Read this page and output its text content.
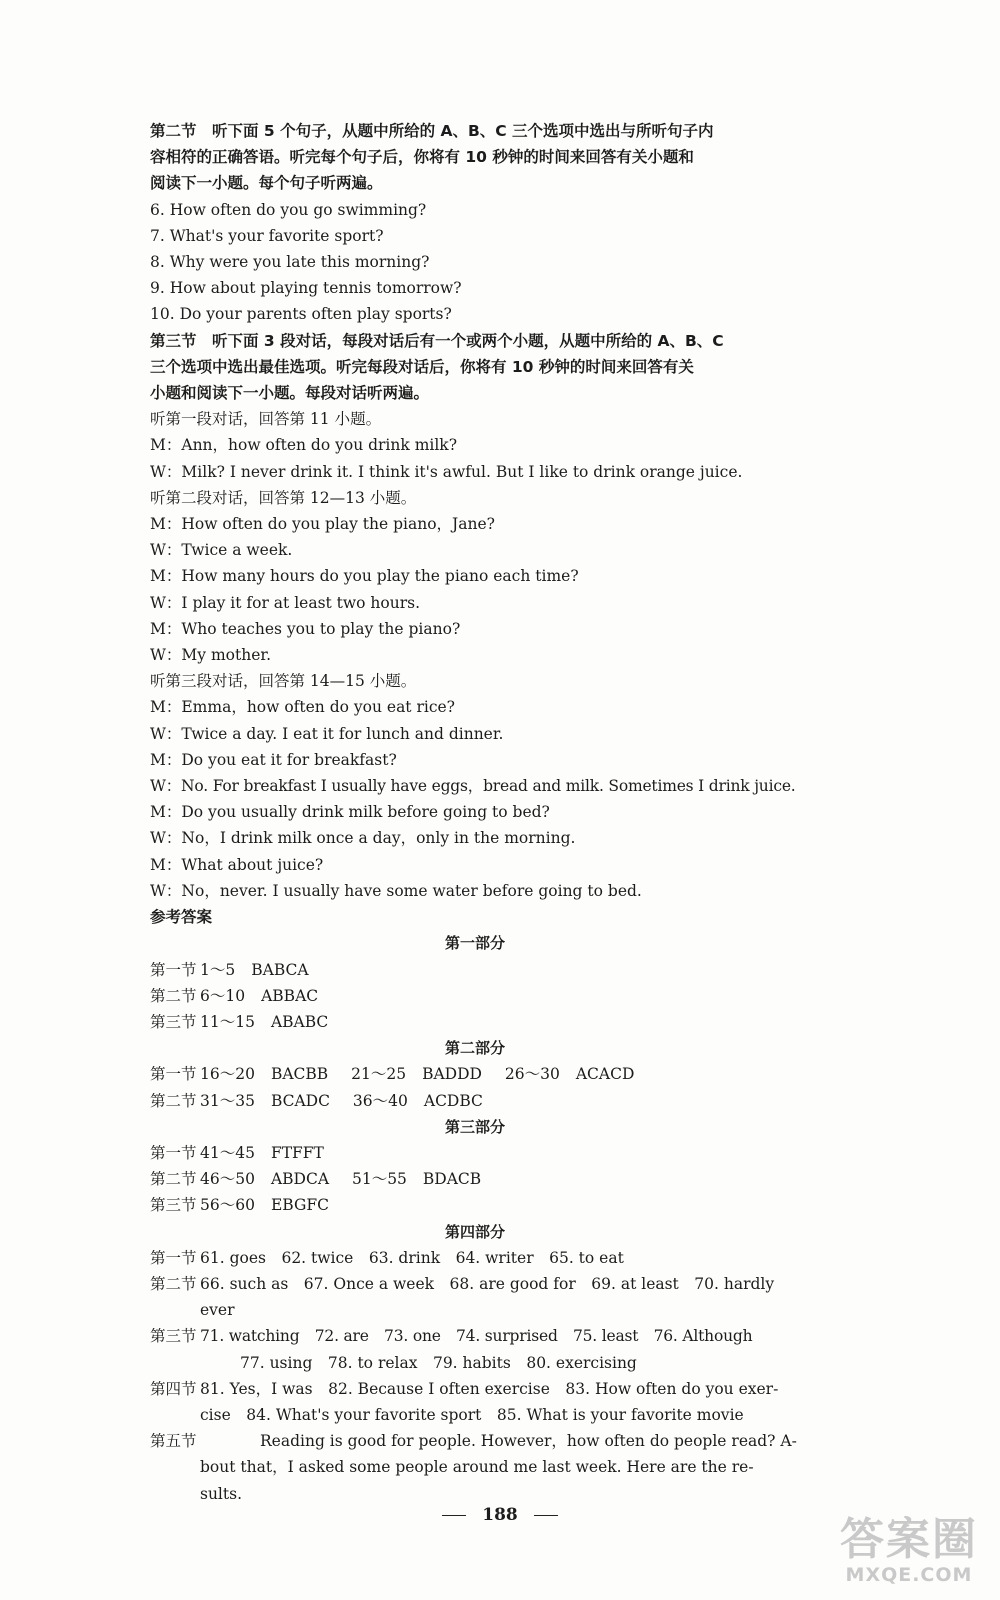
第二节　听下面 5 个句子，从题中所给的 A、B、C 三个选项中选出与所听句子内
容相符的正确答语。听完每个句子后，你将有 10 秒钟的时间来回答有关小题和
阅读下一小题。每个句子听两遍。
6. How often do you go swimming?
7. What's your favorite sport?
8. Why were you late this morning?
9. How about playing tennis tomorrow?
10. Do your parents often play sports?
第三节　听下面 3 段对话，每段对话后有一个或两个小题，从题中所给的 A、B、C
三个选项中选出最佳选项。听完每段对话后，你将有 10 秒钟的时间来回答有关
小题和阅读下一小题。每段对话听两遍。
听第一段对话，回答第 11 小题。
M：Ann，how often do you drink milk?
W：Milk? I never drink it. I think it's awful. But I like to drink orange juice.
听第二段对话，回答第 12—13 小题。
M：How often do you play the piano，Jane?
W：Twice a week.
M：How many hours do you play the piano each time?
W：I play it for at least two hours.
M：Who teaches you to play the piano?
W：My mother.
听第三段对话，回答第 14—15 小题。
M：Emma，how often do you eat rice?
W：Twice a day. I eat it for lunch and dinner.
M：Do you eat it for breakfast?
W：No. For breakfast I usually have eggs，bread and milk. Sometimes I drink juice.
M：Do you usually drink milk before going to bed?
W：No，I drink milk once a day，only in the morning.
M：What about juice?
W：No，never. I usually have some water before going to bed.
参考答案
第一部分
第一节 1～5 BABCA
第二节 6～10 ABBAC
第三节 11～15 ABABC
第二部分
第一节 16～20 BACBB 21～25 BADDD 26～30 ACACD
第二节 31～35 BCADC 36～40 ACDBC
第三部分
第一节 41～45 FTFFT
第二节 46～50 ABDCA 51～55 BDACB
第三节 56～60 EBGFC
第四部分
第一节 61. goes　62. twice　63. drink　64. writer　65. to eat
第二节 66. such as　67. Once a week　68. are good for　69. at least　70. hardly
ever
第三节 71. watching　72. are　73. one　74. surprised　75. least　76. Although
77. using　78. to relax　79. habits　80. exercising
第四节 81. Yes，I was　82. Because I often exercise　83. How often do you exer-
cise　84. What's your favorite sport　85. What is your favorite movie
第五节	Reading is good for people. However，how often do people read? A-
bout that，I asked some people around me last week. Here are the re-
sults.
188	答案圈
MXQE.COM
